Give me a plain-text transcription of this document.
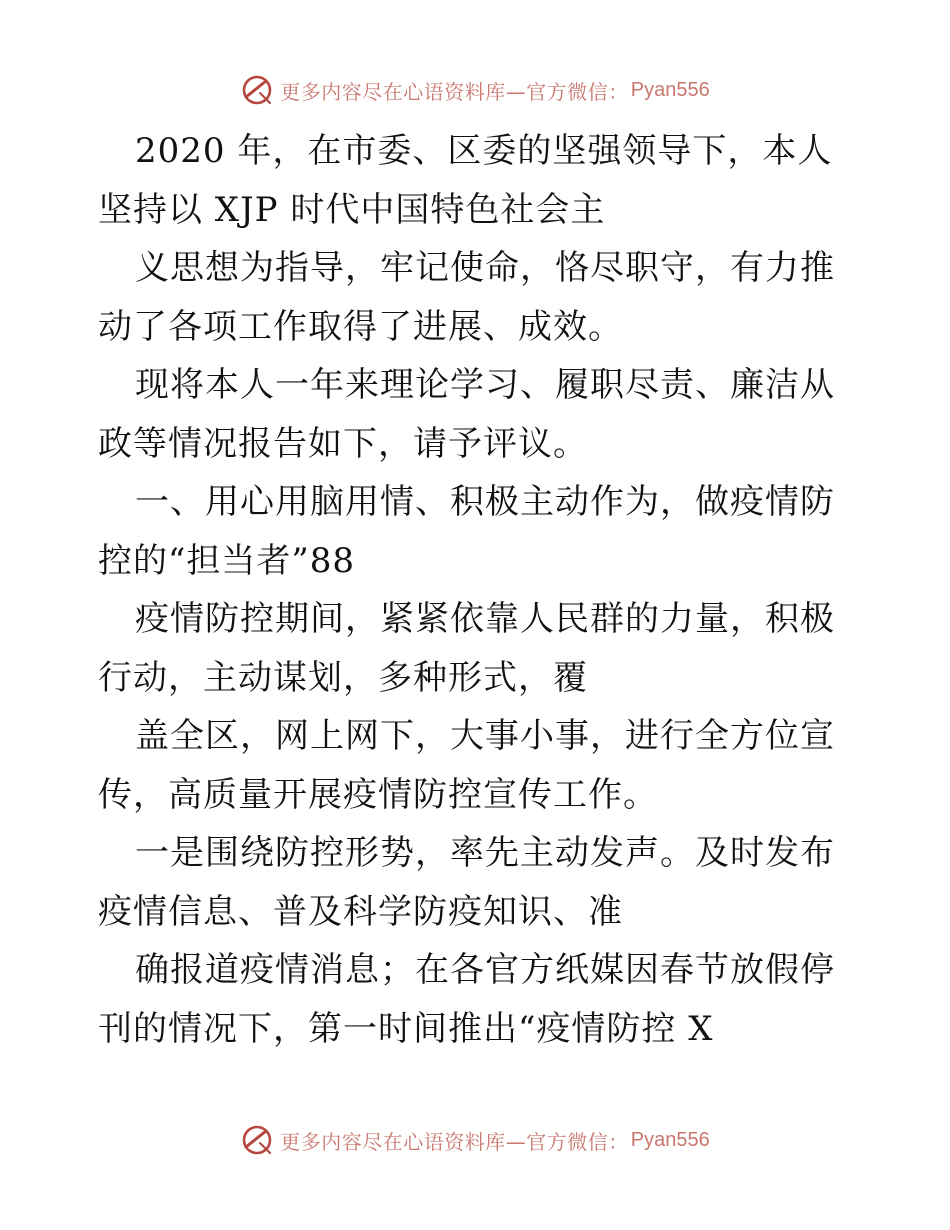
更多内容尽在心语资料库—官方微信： Pyan556

2020 年，在市委、区委的坚强领导下，本人坚持以 XJP 时代中国特色社会主

义思想为指导，牢记使命，恪尽职守，有力推动了各项工作取得了进展、成效。

现将本人一年来理论学习、履职尽责、廉洁从政等情况报告如下，请予评议。

一、用心用脑用情、积极主动作为，做疫情防控的“担当者”88

疫情防控期间，紧紧依靠人民群的力量，积极行动，主动谋划，多种形式，覆

盖全区，网上网下，大事小事，进行全方位宣传，高质量开展疫情防控宣传工作。

一是围绕防控形势，率先主动发声。及时发布疫情信息、普及科学防疫知识、准

确报道疫情消息；在各官方纸媒因春节放假停刊的情况下，第一时间推出“疫情防控 X

更多内容尽在心语资料库—官方微信： Pyan556
